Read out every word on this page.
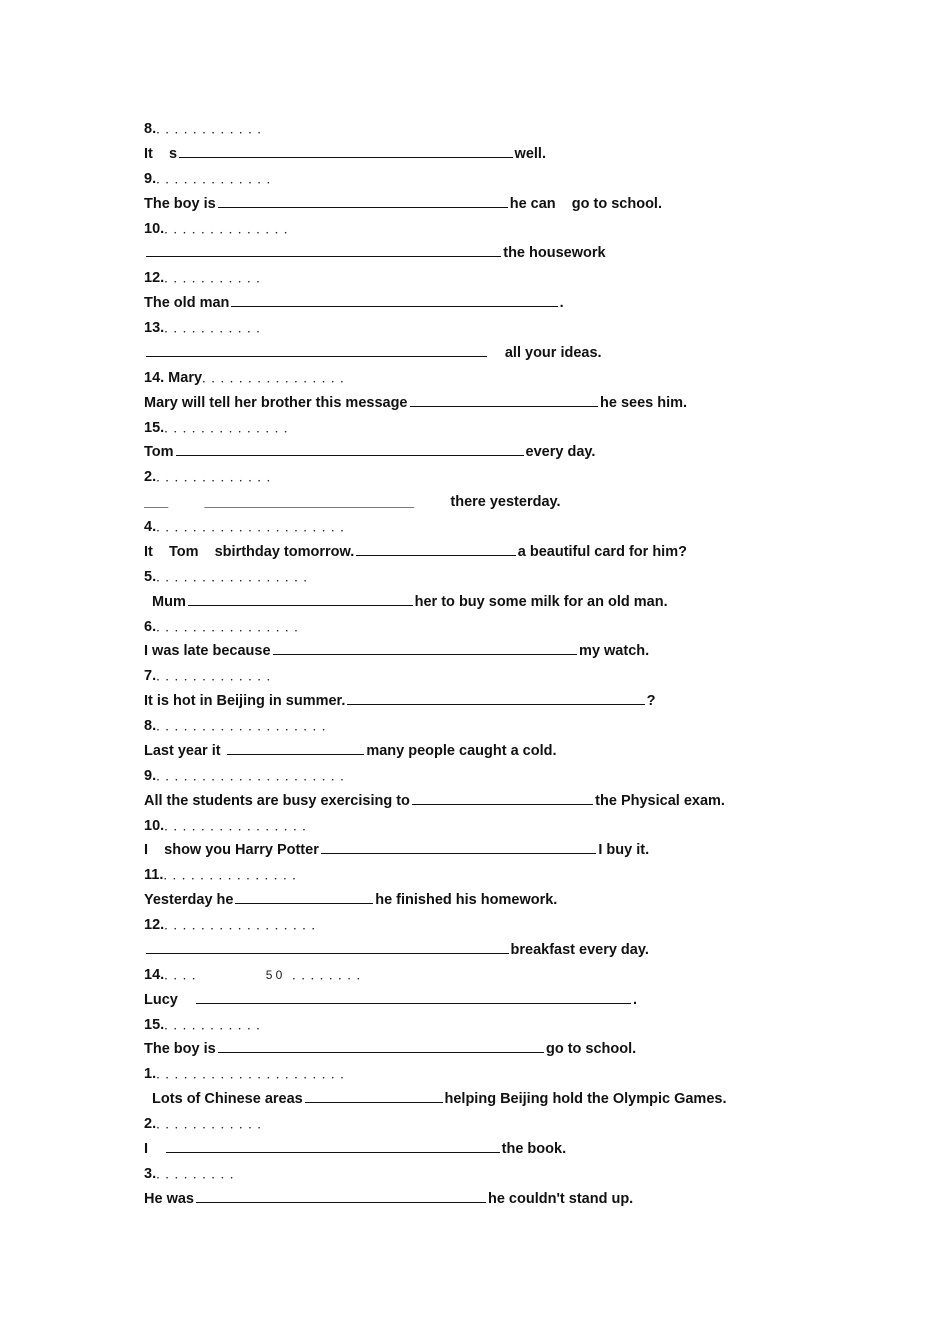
8.．．．．．．．．．．．．
It    s	well.
9.．．．．．．．．．．．．．
The boy is	he can    go to school.
10.．．．．．．．．．．．．．．
the housework
12.．．．．．．．．．．．
The old man	.
13.．．．．．．．．．．．
all your ideas.
14. Mary．．．．．．．．．．．．．．．．
Mary will tell her brother this message	he sees him.
15.．．．．．．．．．．．．．．
Tom	every day.
2.．．．．．．．．．．．．．
___         __________________________         there yesterday.
4.．．．．．．．．．．．．．．．．．．．．．
It    Tom    sbirthday tomorrow.	a beautiful card for him?
5.．．．．．．．．．．．．．．．．．
Mum	her to buy some milk for an old man.
6.．．．．．．．．．．．．．．．．
I was late because	my watch.
7.．．．．．．．．．．．．．
It is hot in Beijing in summer.	?
8.．．．．．．．．．．．．．．．．．．．
Last year it	many people caught a cold.
9.．．．．．．．．．．．．．．．．．．．．．
All the students are busy exercising to	the Physical exam.
10.．．．．．．．．．．．．．．．．
I    show you Harry Potter	I buy it.
11.．．．．．．．．．．．．．．．
Yesterday he	he finished his homework.
12.．．．．．．．．．．．．．．．．．
breakfast every day.
14.．．．．         50 ．．．．．．．．
Lucy	.
15.．．．．．．．．．．．
The boy is	go to school.
1.．．．．．．．．．．．．．．．．．．．．．
Lots of Chinese areas	helping Beijing hold the Olympic Games.
2.．．．．．．．．．．．．
I	the book.
3.．．．．．．．．．
He was	he couldn't stand up.
